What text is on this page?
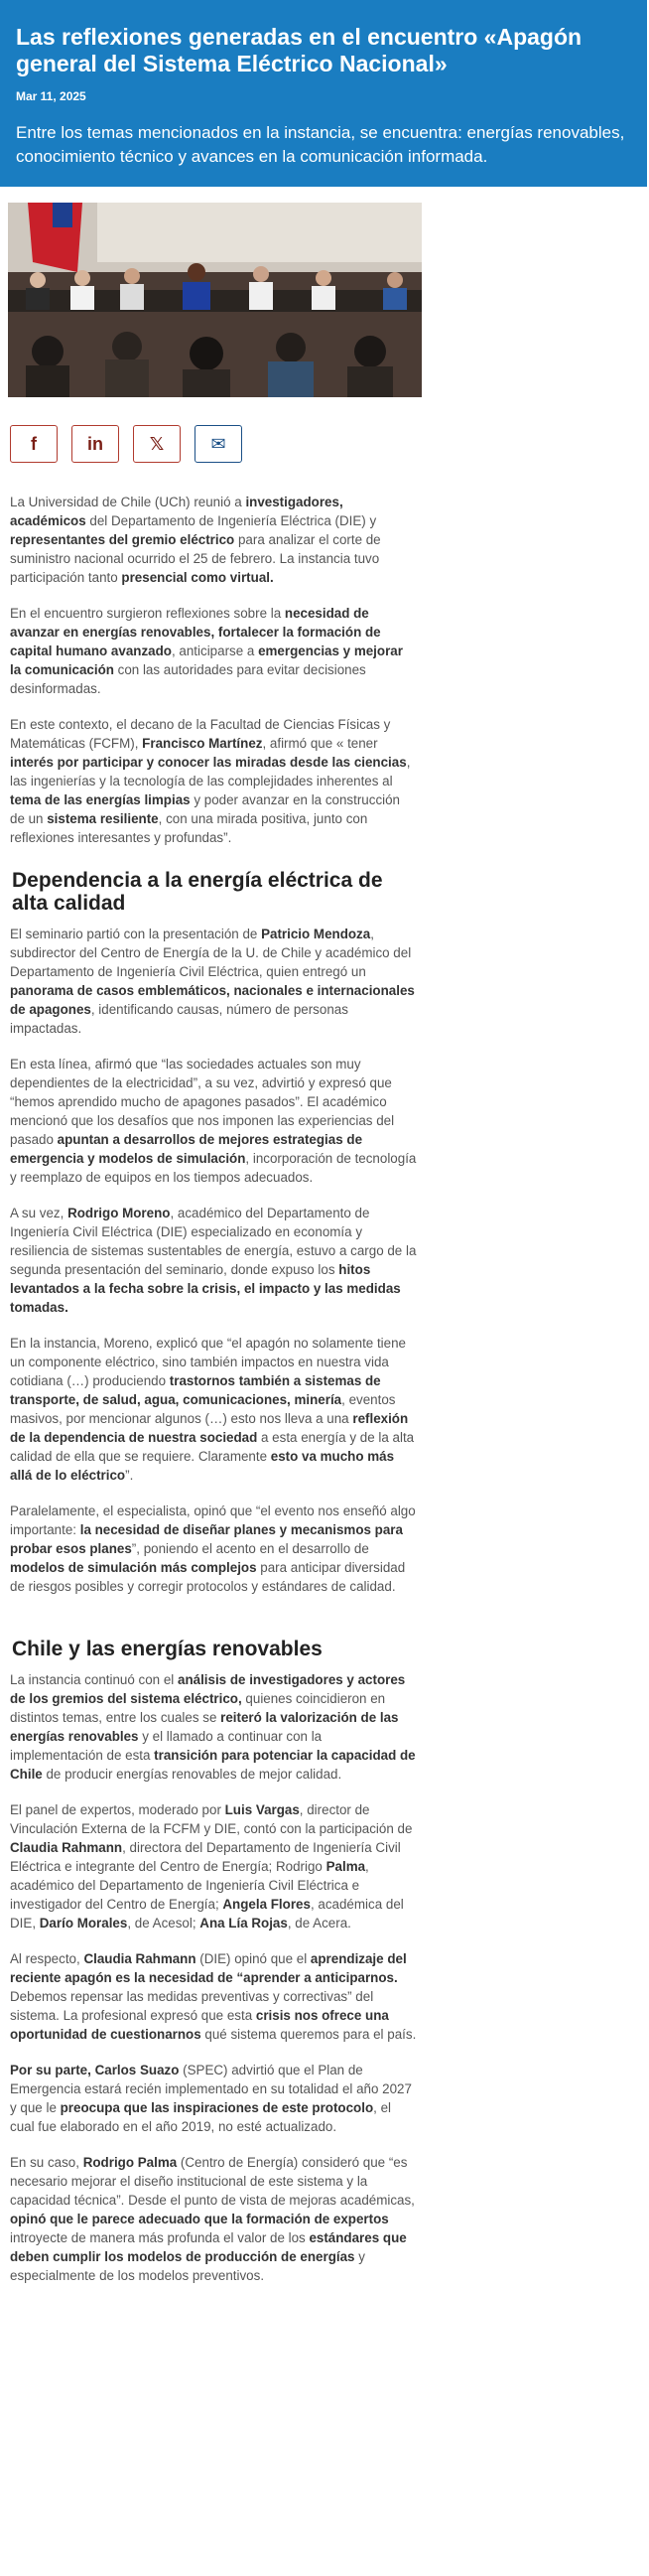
Las reflexiones generadas en el encuentro «Apagón general del Sistema Eléctrico Nacional»
Mar 11, 2025
Entre los temas mencionados en la instancia, se encuentra: energías renovables, conocimiento técnico y avances en la comunicación informada.
f	in	𝕏	✉

La Universidad de Chile (UCh) reunió a investigadores, académicos del Departamento de Ingeniería Eléctrica (DIE) y representantes del gremio eléctrico para analizar el corte de suministro nacional ocurrido el 25 de febrero. La instancia tuvo participación tanto presencial como virtual.

En el encuentro surgieron reflexiones sobre la necesidad de avanzar en energías renovables, fortalecer la formación de capital humano avanzado, anticiparse a emergencias y mejorar la comunicación con las autoridades para evitar decisiones desinformadas.

En este contexto, el decano de la Facultad de Ciencias Físicas y Matemáticas (FCFM), Francisco Martínez, afirmó que « tener interés por participar y conocer las miradas desde las ciencias, las ingenierías y la tecnología de las complejidades inherentes al tema de las energías limpias y poder avanzar en la construcción de un sistema resiliente, con una mirada positiva, junto con reflexiones interesantes y profundas”.

Dependencia a la energía eléctrica de alta calidad

El seminario partió con la presentación de Patricio Mendoza, subdirector del Centro de Energía de la U. de Chile y académico del Departamento de Ingeniería Civil Eléctrica, quien entregó un panorama de casos emblemáticos, nacionales e internacionales de apagones, identificando causas, número de personas impactadas.

En esta línea, afirmó que “las sociedades actuales son muy dependientes de la electricidad”, a su vez, advirtió y expresó que “hemos aprendido mucho de apagones pasados”. El académico mencionó que los desafíos que nos imponen las experiencias del pasado apuntan a desarrollos de mejores estrategias de emergencia y modelos de simulación, incorporación de tecnología y reemplazo de equipos en los tiempos adecuados.

A su vez, Rodrigo Moreno, académico del Departamento de Ingeniería Civil Eléctrica (DIE) especializado en economía y resiliencia de sistemas sustentables de energía, estuvo a cargo de la segunda presentación del seminario, donde expuso los hitos levantados a la fecha sobre la crisis, el impacto y las medidas tomadas.

En la instancia, Moreno, explicó que “el apagón no solamente tiene un componente eléctrico, sino también impactos en nuestra vida cotidiana (…) produciendo trastornos también a sistemas de transporte, de salud, agua, comunicaciones, minería, eventos masivos, por mencionar algunos (…) esto nos lleva a una reflexión de la dependencia de nuestra sociedad a esta energía y de la alta calidad de ella que se requiere. Claramente esto va mucho más allá de lo eléctrico”.

Paralelamente, el especialista, opinó que “el evento nos enseñó algo importante: la necesidad de diseñar planes y mecanismos para probar esos planes”, poniendo el acento en el desarrollo de modelos de simulación más complejos para anticipar diversidad de riesgos posibles y corregir protocolos y estándares de calidad.

Chile y las energías renovables

La instancia continuó con el análisis de investigadores y actores de los gremios del sistema eléctrico, quienes coincidieron en distintos temas, entre los cuales se reiteró la valorización de las energías renovables y el llamado a continuar con la implementación de esta transición para potenciar la capacidad de Chile de producir energías renovables de mejor calidad.

El panel de expertos, moderado por Luis Vargas, director de Vinculación Externa de la FCFM y DIE, contó con la participación de Claudia Rahmann, directora del Departamento de Ingeniería Civil Eléctrica e integrante del Centro de Energía; Rodrigo Palma, académico del Departamento de Ingeniería Civil Eléctrica e investigador del Centro de Energía; Angela Flores, académica del DIE, Darío Morales, de Acesol; Ana Lía Rojas, de Acera.

Al respecto, Claudia Rahmann (DIE) opinó que el aprendizaje del reciente apagón es la necesidad de “aprender a anticiparnos. Debemos repensar las medidas preventivas y correctivas” del sistema. La profesional expresó que esta crisis nos ofrece una oportunidad de cuestionarnos qué sistema queremos para el país.

Por su parte, Carlos Suazo (SPEC) advirtió que el Plan de Emergencia estará recién implementado en su totalidad el año 2027 y que le preocupa que las inspiraciones de este protocolo, el cual fue elaborado en el año 2019, no esté actualizado.

En su caso, Rodrigo Palma (Centro de Energía) consideró que “es necesario mejorar el diseño institucional de este sistema y la capacidad técnica”. Desde el punto de vista de mejoras académicas, opinó que le parece adecuado que la formación de expertos introyecte de manera más profunda el valor de los estándares que deben cumplir los modelos de producción de energías y especialmente de los modelos preventivos.
